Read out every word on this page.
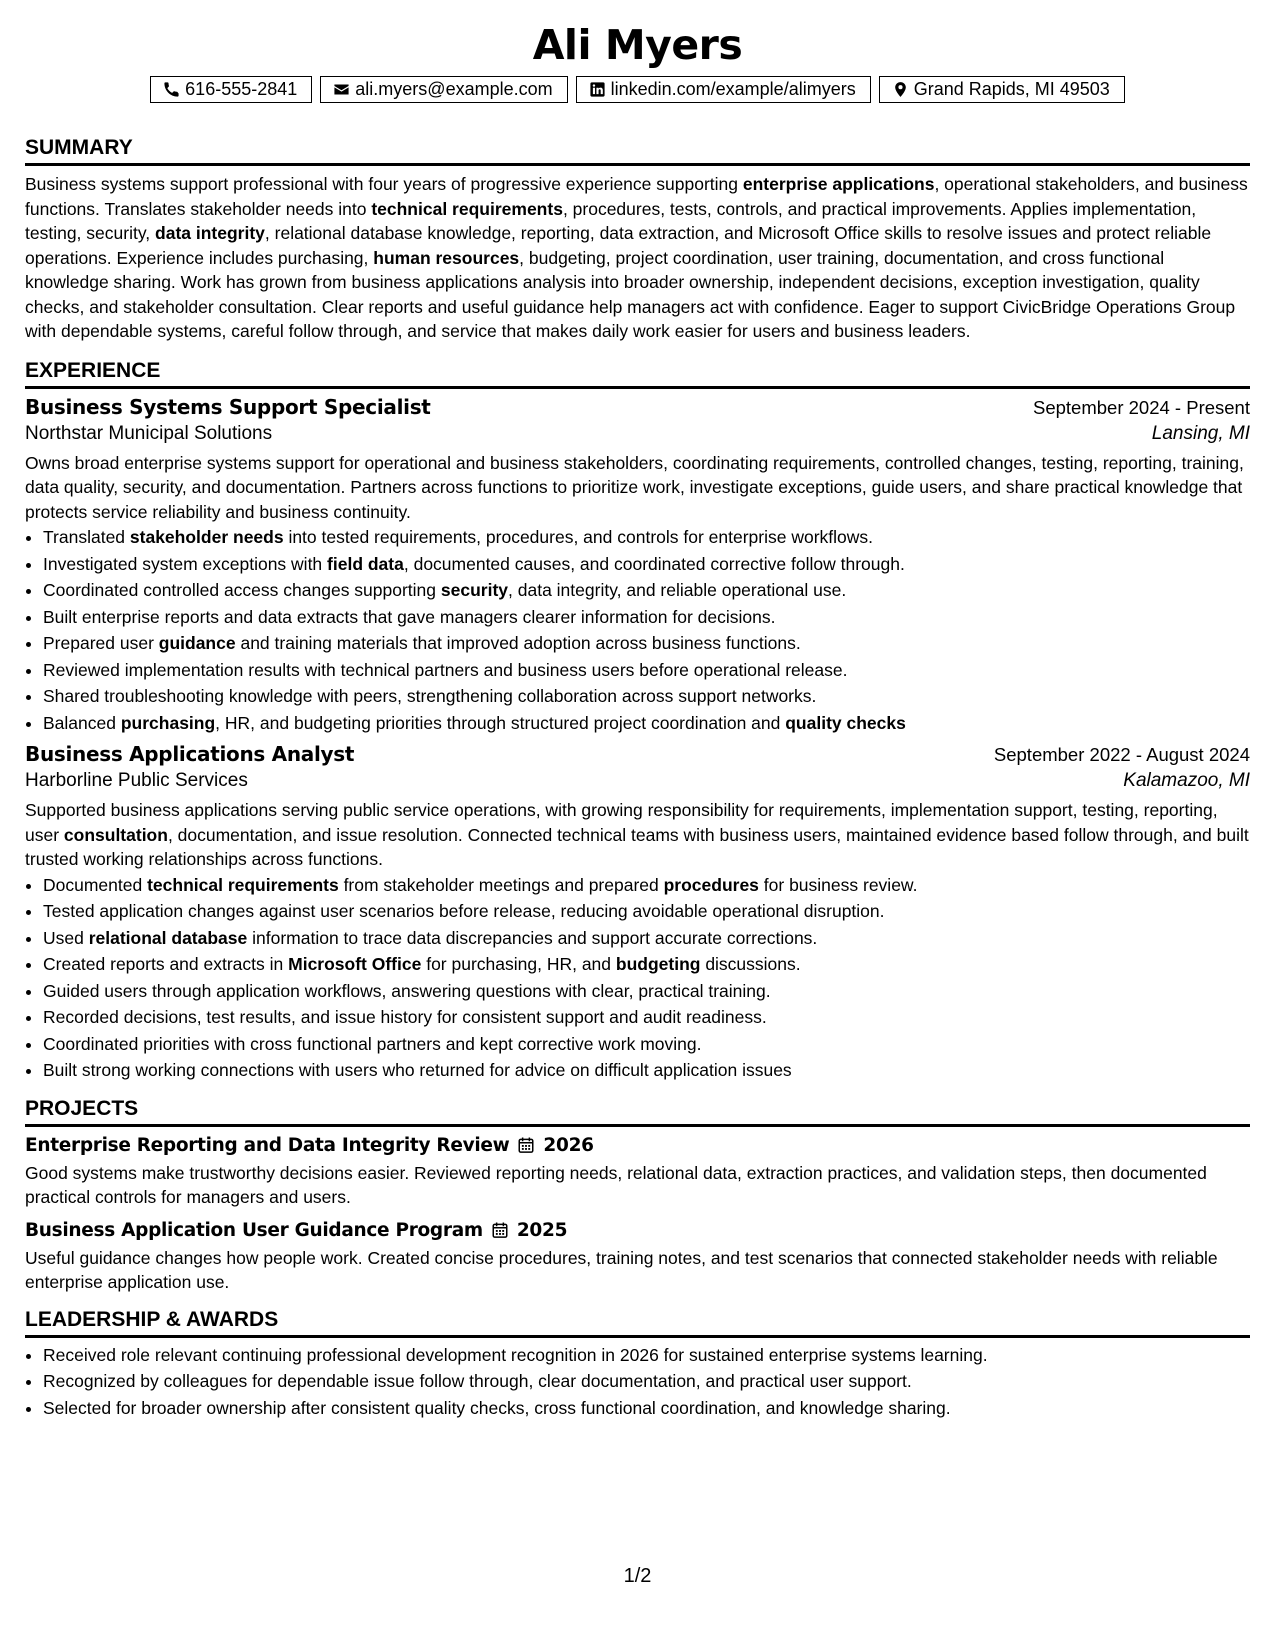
Ali Myers
616-555-2841	ali.myers@example.com	linkedin.com/example/alimyers	Grand Rapids, MI 49503
SUMMARY

Business systems support professional with four years of progressive experience supporting enterprise applications, operational stakeholders, and business functions. Translates stakeholder needs into technical requirements, procedures, tests, controls, and practical improvements. Applies implementation, testing, security, data integrity, relational database knowledge, reporting, data extraction, and Microsoft Office skills to resolve issues and protect reliable operations. Experience includes purchasing, human resources, budgeting, project coordination, user training, documentation, and cross functional knowledge sharing. Work has grown from business applications analysis into broader ownership, independent decisions, exception investigation, quality checks, and stakeholder consultation. Clear reports and useful guidance help managers act with confidence. Eager to support CivicBridge Operations Group with dependable systems, careful follow through, and service that makes daily work easier for users and business leaders.

EXPERIENCE
Business Systems Support Specialist	September 2024 - Present
Northstar Municipal Solutions	Lansing, MI

Owns broad enterprise systems support for operational and business stakeholders, coordinating requirements, controlled changes, testing, reporting, training, data quality, security, and documentation. Partners across functions to prioritize work, investigate exceptions, guide users, and share practical knowledge that protects service reliability and business continuity.

• Translated stakeholder needs into tested requirements, procedures, and controls for enterprise workflows.
• Investigated system exceptions with field data, documented causes, and coordinated corrective follow through.
• Coordinated controlled access changes supporting security, data integrity, and reliable operational use.
• Built enterprise reports and data extracts that gave managers clearer information for decisions.
• Prepared user guidance and training materials that improved adoption across business functions.
• Reviewed implementation results with technical partners and business users before operational release.
• Shared troubleshooting knowledge with peers, strengthening collaboration across support networks.
• Balanced purchasing, HR, and budgeting priorities through structured project coordination and quality checks
Business Applications Analyst	September 2022 - August 2024
Harborline Public Services	Kalamazoo, MI

Supported business applications serving public service operations, with growing responsibility for requirements, implementation support, testing, reporting, user consultation, documentation, and issue resolution. Connected technical teams with business users, maintained evidence based follow through, and built trusted working relationships across functions.

• Documented technical requirements from stakeholder meetings and prepared procedures for business review.
• Tested application changes against user scenarios before release, reducing avoidable operational disruption.
• Used relational database information to trace data discrepancies and support accurate corrections.
• Created reports and extracts in Microsoft Office for purchasing, HR, and budgeting discussions.
• Guided users through application workflows, answering questions with clear, practical training.
• Recorded decisions, test results, and issue history for consistent support and audit readiness.
• Coordinated priorities with cross functional partners and kept corrective work moving.
• Built strong working connections with users who returned for advice on difficult application issues
PROJECTS
Enterprise Reporting and Data Integrity Review 2026

Good systems make trustworthy decisions easier. Reviewed reporting needs, relational data, extraction practices, and validation steps, then documented practical controls for managers and users.

Business Application User Guidance Program 2025

Useful guidance changes how people work. Created concise procedures, training notes, and test scenarios that connected stakeholder needs with reliable enterprise application use.

LEADERSHIP & AWARDS
• Received role relevant continuing professional development recognition in 2026 for sustained enterprise systems learning.
• Recognized by colleagues for dependable issue follow through, clear documentation, and practical user support.
• Selected for broader ownership after consistent quality checks, cross functional coordination, and knowledge sharing.
1/2
